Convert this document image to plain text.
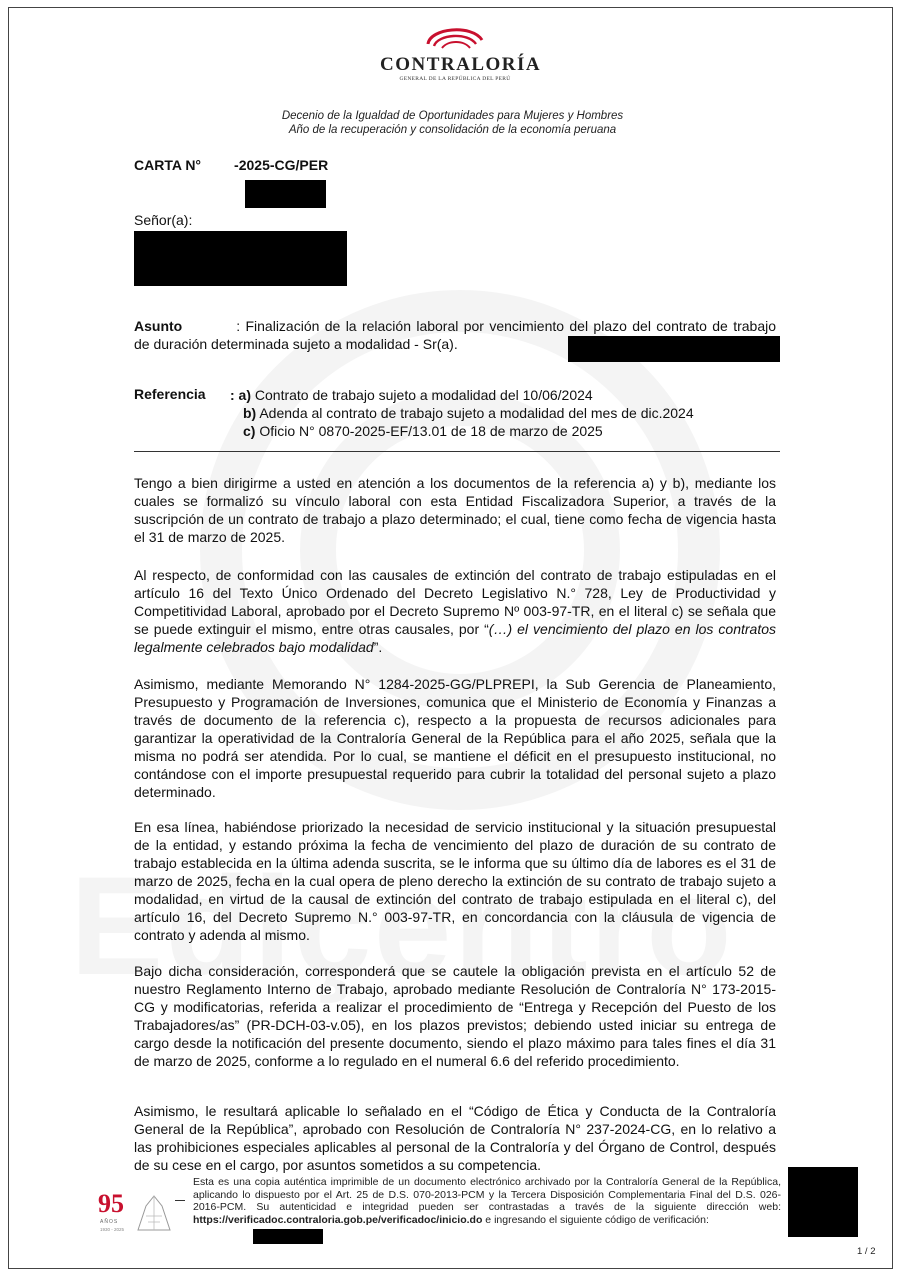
CONTRALORÍA
GENERAL DE LA REPÚBLICA DEL PERÚ
Decenio de la Igualdad de Oportunidades para Mujeres y Hombres
Año de la recuperación y consolidación de la economía peruana
CARTA N° -2025-CG/PER
Señor(a):
Asunto	: Finalización de la relación laboral por vencimiento del plazo del contrato de trabajo de duración determinada sujeto a modalidad - Sr(a).
Referencia : a) Contrato de trabajo sujeto a modalidad del 10/06/2024
b) Adenda al contrato de trabajo sujeto a modalidad del mes de dic.2024
c) Oficio N° 0870-2025-EF/13.01 de 18 de marzo de 2025

Tengo a bien dirigirme a usted en atención a los documentos de la referencia a) y b), mediante los cuales se formalizó su vínculo laboral con esta Entidad Fiscalizadora Superior, a través de la suscripción de un contrato de trabajo a plazo determinado; el cual, tiene como fecha de vigencia hasta el 31 de marzo de 2025.

Al respecto, de conformidad con las causales de extinción del contrato de trabajo estipuladas en el artículo 16 del Texto Único Ordenado del Decreto Legislativo N.° 728, Ley de Productividad y Competitividad Laboral, aprobado por el Decreto Supremo Nº 003-97-TR, en el literal c) se señala que se puede extinguir el mismo, entre otras causales, por “(…) el vencimiento del plazo en los contratos legalmente celebrados bajo modalidad”.

Asimismo, mediante Memorando N° 1284-2025-GG/PLPREPI, la Sub Gerencia de Planeamiento, Presupuesto y Programación de Inversiones, comunica que el Ministerio de Economía y Finanzas a través de documento de la referencia c), respecto a la propuesta de recursos adicionales para garantizar la operatividad de la Contraloría General de la República para el año 2025, señala que la misma no podrá ser atendida. Por lo cual, se mantiene el déficit en el presupuesto institucional, no contándose con el importe presupuestal requerido para cubrir la totalidad del personal sujeto a plazo determinado.

En esa línea, habiéndose priorizado la necesidad de servicio institucional y la situación presupuestal de la entidad, y estando próxima la fecha de vencimiento del plazo de duración de su contrato de trabajo establecida en la última adenda suscrita, se le informa que su último día de labores es el 31 de marzo de 2025, fecha en la cual opera de pleno derecho la extinción de su contrato de trabajo sujeto a modalidad, en virtud de la causal de extinción del contrato de trabajo estipulada en el literal c), del artículo 16, del Decreto Supremo N.° 003-97-TR, en concordancia con la cláusula de vigencia de contrato y adenda al mismo.

Bajo dicha consideración, corresponderá que se cautele la obligación prevista en el artículo 52 de nuestro Reglamento Interno de Trabajo, aprobado mediante Resolución de Contraloría N° 173-2015-CG y modificatorias, referida a realizar el procedimiento de “Entrega y Recepción del Puesto de los Trabajadores/as” (PR-DCH-03-v.05), en los plazos previstos; debiendo usted iniciar su entrega de cargo desde la notificación del presente documento, siendo el plazo máximo para tales fines el día 31 de marzo de 2025, conforme a lo regulado en el numeral 6.6 del referido procedimiento.

Asimismo, le resultará aplicable lo señalado en el “Código de Ética y Conducta de la Contraloría General de la República”, aprobado con Resolución de Contraloría N° 237-2024-CG, en lo relativo a las prohibiciones especiales aplicables al personal de la Contraloría y del Órgano de Control, después de su cese en el cargo, por asuntos sometidos a su competencia.

95
AÑOS
1930 - 2025
Esta es una copia auténtica imprimible de un documento electrónico archivado por la Contraloría General de la República, aplicando lo dispuesto por el Art. 25 de D.S. 070-2013-PCM y la Tercera Disposición Complementaria Final del D.S. 026- 2016-PCM. Su autenticidad e integridad pueden ser contrastadas a través de la siguiente dirección web: https://verificadoc.contraloria.gob.pe/verificadoc/inicio.do e ingresando el siguiente código de verificación:
1 / 2
